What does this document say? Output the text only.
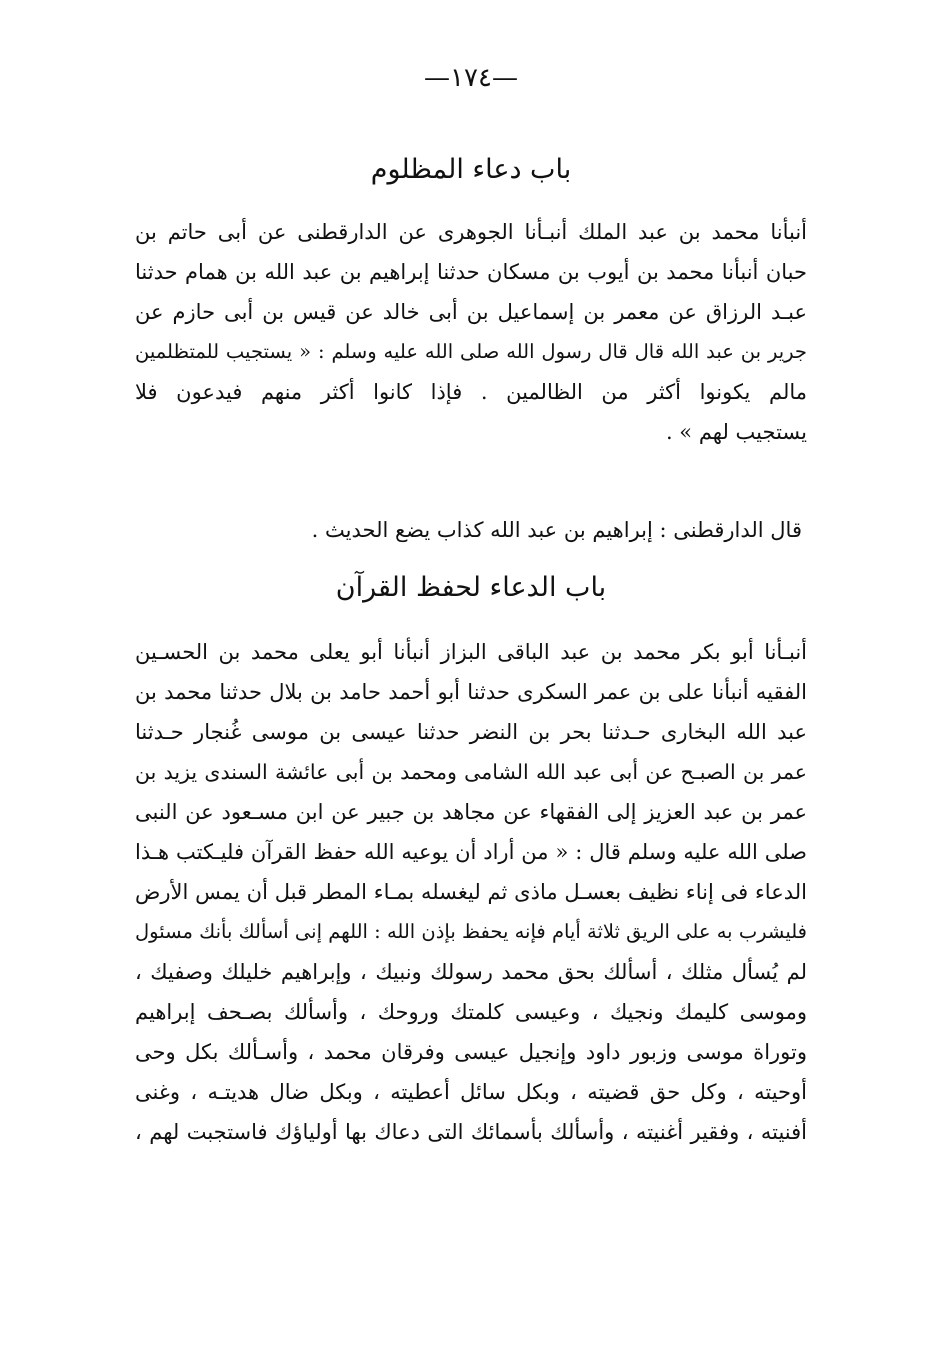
—١٧٤—
باب دعاء المظلوم
أنبأنا محمد بن عبد الملك أنبـأنا الجوهرى عن الدارقطنى عن أبى حاتم بن
حبان أنبأنا محمد بن أيوب بن مسكان حدثنا إبراهيم بن عبد الله بن همام حدثنا
عبـد الرزاق عن معمر بن إسماعيل بن أبى خالد عن قيس بن أبى حازم عن
جرير بن عبد الله قال قال رسول الله صلى الله عليه وسلم : « يستجيب للمتظلمين
مالم يكونوا أكثر من الظالمين . فإذا كانوا أكثر منهم فيدعون فلا
يستجيب لهم » .
قال الدارقطنى : إبراهيم بن عبد الله كذاب يضع الحديث .
باب الدعاء لحفظ القرآن
أنبـأنا أبو بكر محمد بن عبد الباقى البزاز أنبأنا أبو يعلى محمد بن الحسـين
الفقيه أنبأنا على بن عمر السكرى حدثنا أبو أحمد حامد بن بلال حدثنا محمد بن
عبد الله البخارى حـدثنا بحر بن النضر حدثنا عيسى بن موسى غُنجار حـدثنا
عمر بن الصبـح عن أبى عبد الله الشامى ومحمد بن أبى عائشة السندى يزيد بن
عمر بن عبد العزيز إلى الفقهاء عن مجاهد بن جبير عن ابن مسـعود عن النبى
صلى الله عليه وسلم قال : « من أراد أن يوعيه الله حفظ القرآن فليـكتب هـذا
الدعاء فى إناء نظيف بعسـل ماذى ثم ليغسله بمـاء المطر قبل أن يمس الأرض
فليشرب به على الريق ثلاثة أيام فإنه يحفظ بإذن الله : اللهم إنى أسألك بأنك مسئول
لم يُسأل مثلك ، أسألك بحق محمد رسولك ونبيك ، وإبراهيم خليلك وصفيك ،
وموسى كليمك ونجيك ، وعيسى كلمتك وروحك ، وأسألك بصـحف إبراهيم
وتوراة موسى وزبور داود وإنجيل عيسى وفرقان محمد ، وأسـألك بكل وحى
أوحيته ، وكل حق قضيته ، وبكل سائل أعطيته ، وبكل ضال هديتـه ، وغنى
أفنيته ، وفقير أغنيته ، وأسألك بأسمائك التى دعاك بها أولياؤك فاستجبت لهم ،
